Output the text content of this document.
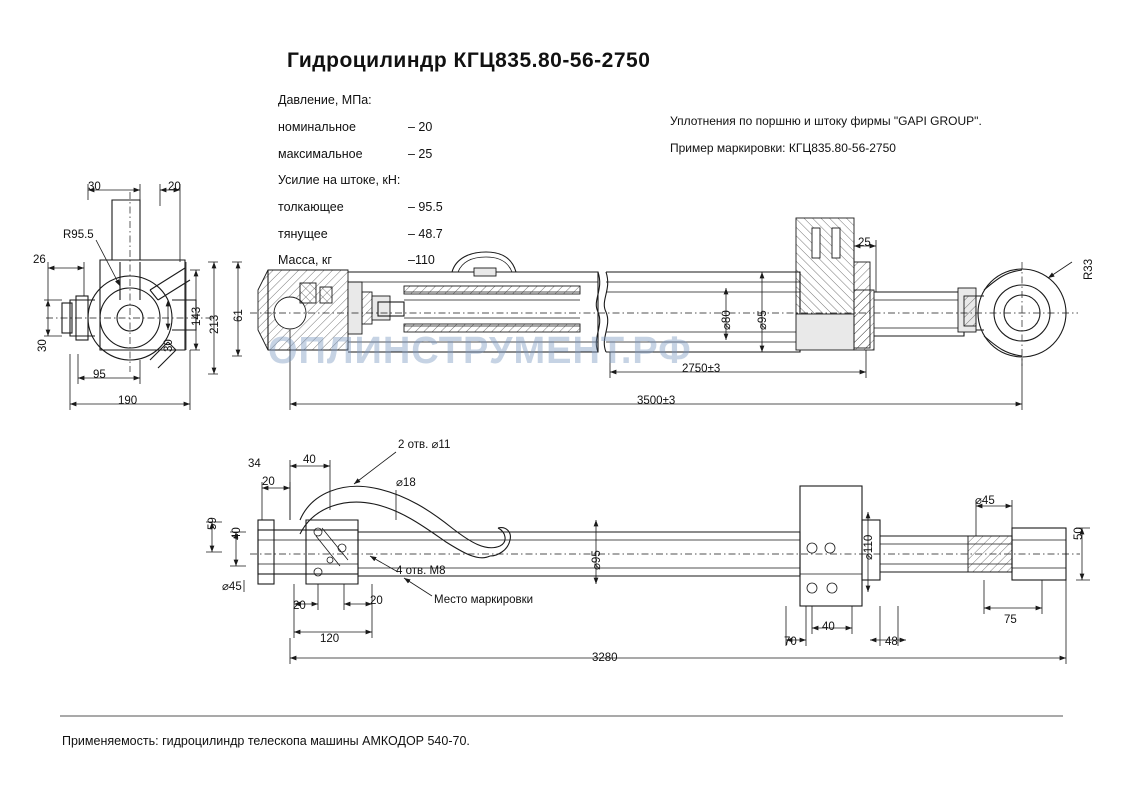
Гидроцилиндр КГЦ835.80-56-2750
Давление, МПа:
номинальное	– 20
максимальное	– 25
Усилие на штоке, кН:
толкающее	– 95.5
тянущее	– 48.7
Масса, кг	–110
Уплотнения по поршню и штоку фирмы "GAPI GROUP".
Пример маркировки: КГЦ835.80-56-2750
30	20
R95.5
26
30	30
143 213 61
95
190
25
R33
⌀80 ⌀95
2750±3
3500±3
40
20
34
59
40
⌀45
20	20
120
⌀18
⌀95
⌀110
70
40
48
⌀45
50
75
3280
2 отв. ⌀11
4 отв. M8
Место маркировки
ОПЛИНСТРУМЕНТ.РФ
Применяемость: гидроцилиндр телескопа машины АМКОДОР 540-70.
